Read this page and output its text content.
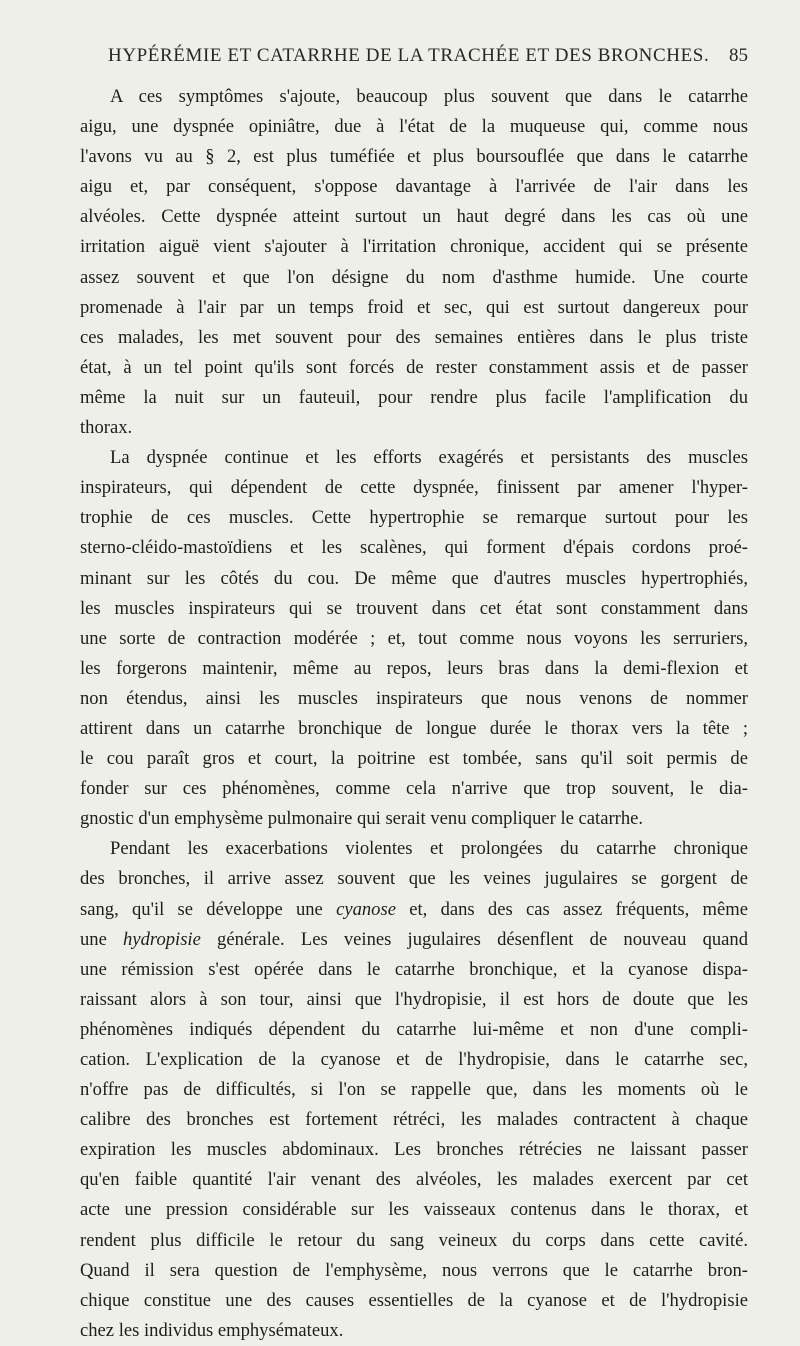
HYPÉRÉMIE ET CATARRHE DE LA TRACHÉE ET DES BRONCHES. 85

A ces symptômes s'ajoute, beaucoup plus souvent que dans le catarrhe

aigu, une dyspnée opiniâtre, due à l'état de la muqueuse qui, comme nous

l'avons vu au § 2, est plus tuméfiée et plus boursouflée que dans le catarrhe

aigu et, par conséquent, s'oppose davantage à l'arrivée de l'air dans les

alvéoles. Cette dyspnée atteint surtout un haut degré dans les cas où une

irritation aiguë vient s'ajouter à l'irritation chronique, accident qui se présente

assez souvent et que l'on désigne du nom d'asthme humide. Une courte

promenade à l'air par un temps froid et sec, qui est surtout dangereux pour

ces malades, les met souvent pour des semaines entières dans le plus triste

état, à un tel point qu'ils sont forcés de rester constamment assis et de passer

même la nuit sur un fauteuil, pour rendre plus facile l'amplification du

thorax.

La dyspnée continue et les efforts exagérés et persistants des muscles

inspirateurs, qui dépendent de cette dyspnée, finissent par amener l'hyper-

trophie de ces muscles. Cette hypertrophie se remarque surtout pour les

sterno-cléido-mastoïdiens et les scalènes, qui forment d'épais cordons proé-

minant sur les côtés du cou. De même que d'autres muscles hypertrophiés,

les muscles inspirateurs qui se trouvent dans cet état sont constamment dans

une sorte de contraction modérée ; et, tout comme nous voyons les serruriers,

les forgerons maintenir, même au repos, leurs bras dans la demi-flexion et

non étendus, ainsi les muscles inspirateurs que nous venons de nommer

attirent dans un catarrhe bronchique de longue durée le thorax vers la tête ;

le cou paraît gros et court, la poitrine est tombée, sans qu'il soit permis de

fonder sur ces phénomènes, comme cela n'arrive que trop souvent, le dia-

gnostic d'un emphysème pulmonaire qui serait venu compliquer le catarrhe.

Pendant les exacerbations violentes et prolongées du catarrhe chronique

des bronches, il arrive assez souvent que les veines jugulaires se gorgent de

sang, qu'il se développe une cyanose et, dans des cas assez fréquents, même

une hydropisie générale. Les veines jugulaires désenflent de nouveau quand

une rémission s'est opérée dans le catarrhe bronchique, et la cyanose dispa-

raissant alors à son tour, ainsi que l'hydropisie, il est hors de doute que les

phénomènes indiqués dépendent du catarrhe lui-même et non d'une compli-

cation. L'explication de la cyanose et de l'hydropisie, dans le catarrhe sec,

n'offre pas de difficultés, si l'on se rappelle que, dans les moments où le

calibre des bronches est fortement rétréci, les malades contractent à chaque

expiration les muscles abdominaux. Les bronches rétrécies ne laissant passer

qu'en faible quantité l'air venant des alvéoles, les malades exercent par cet

acte une pression considérable sur les vaisseaux contenus dans le thorax, et

rendent plus difficile le retour du sang veineux du corps dans cette cavité.

Quand il sera question de l'emphysème, nous verrons que le catarrhe bron-

chique constitue une des causes essentielles de la cyanose et de l'hydropisie

chez les individus emphysémateux.
